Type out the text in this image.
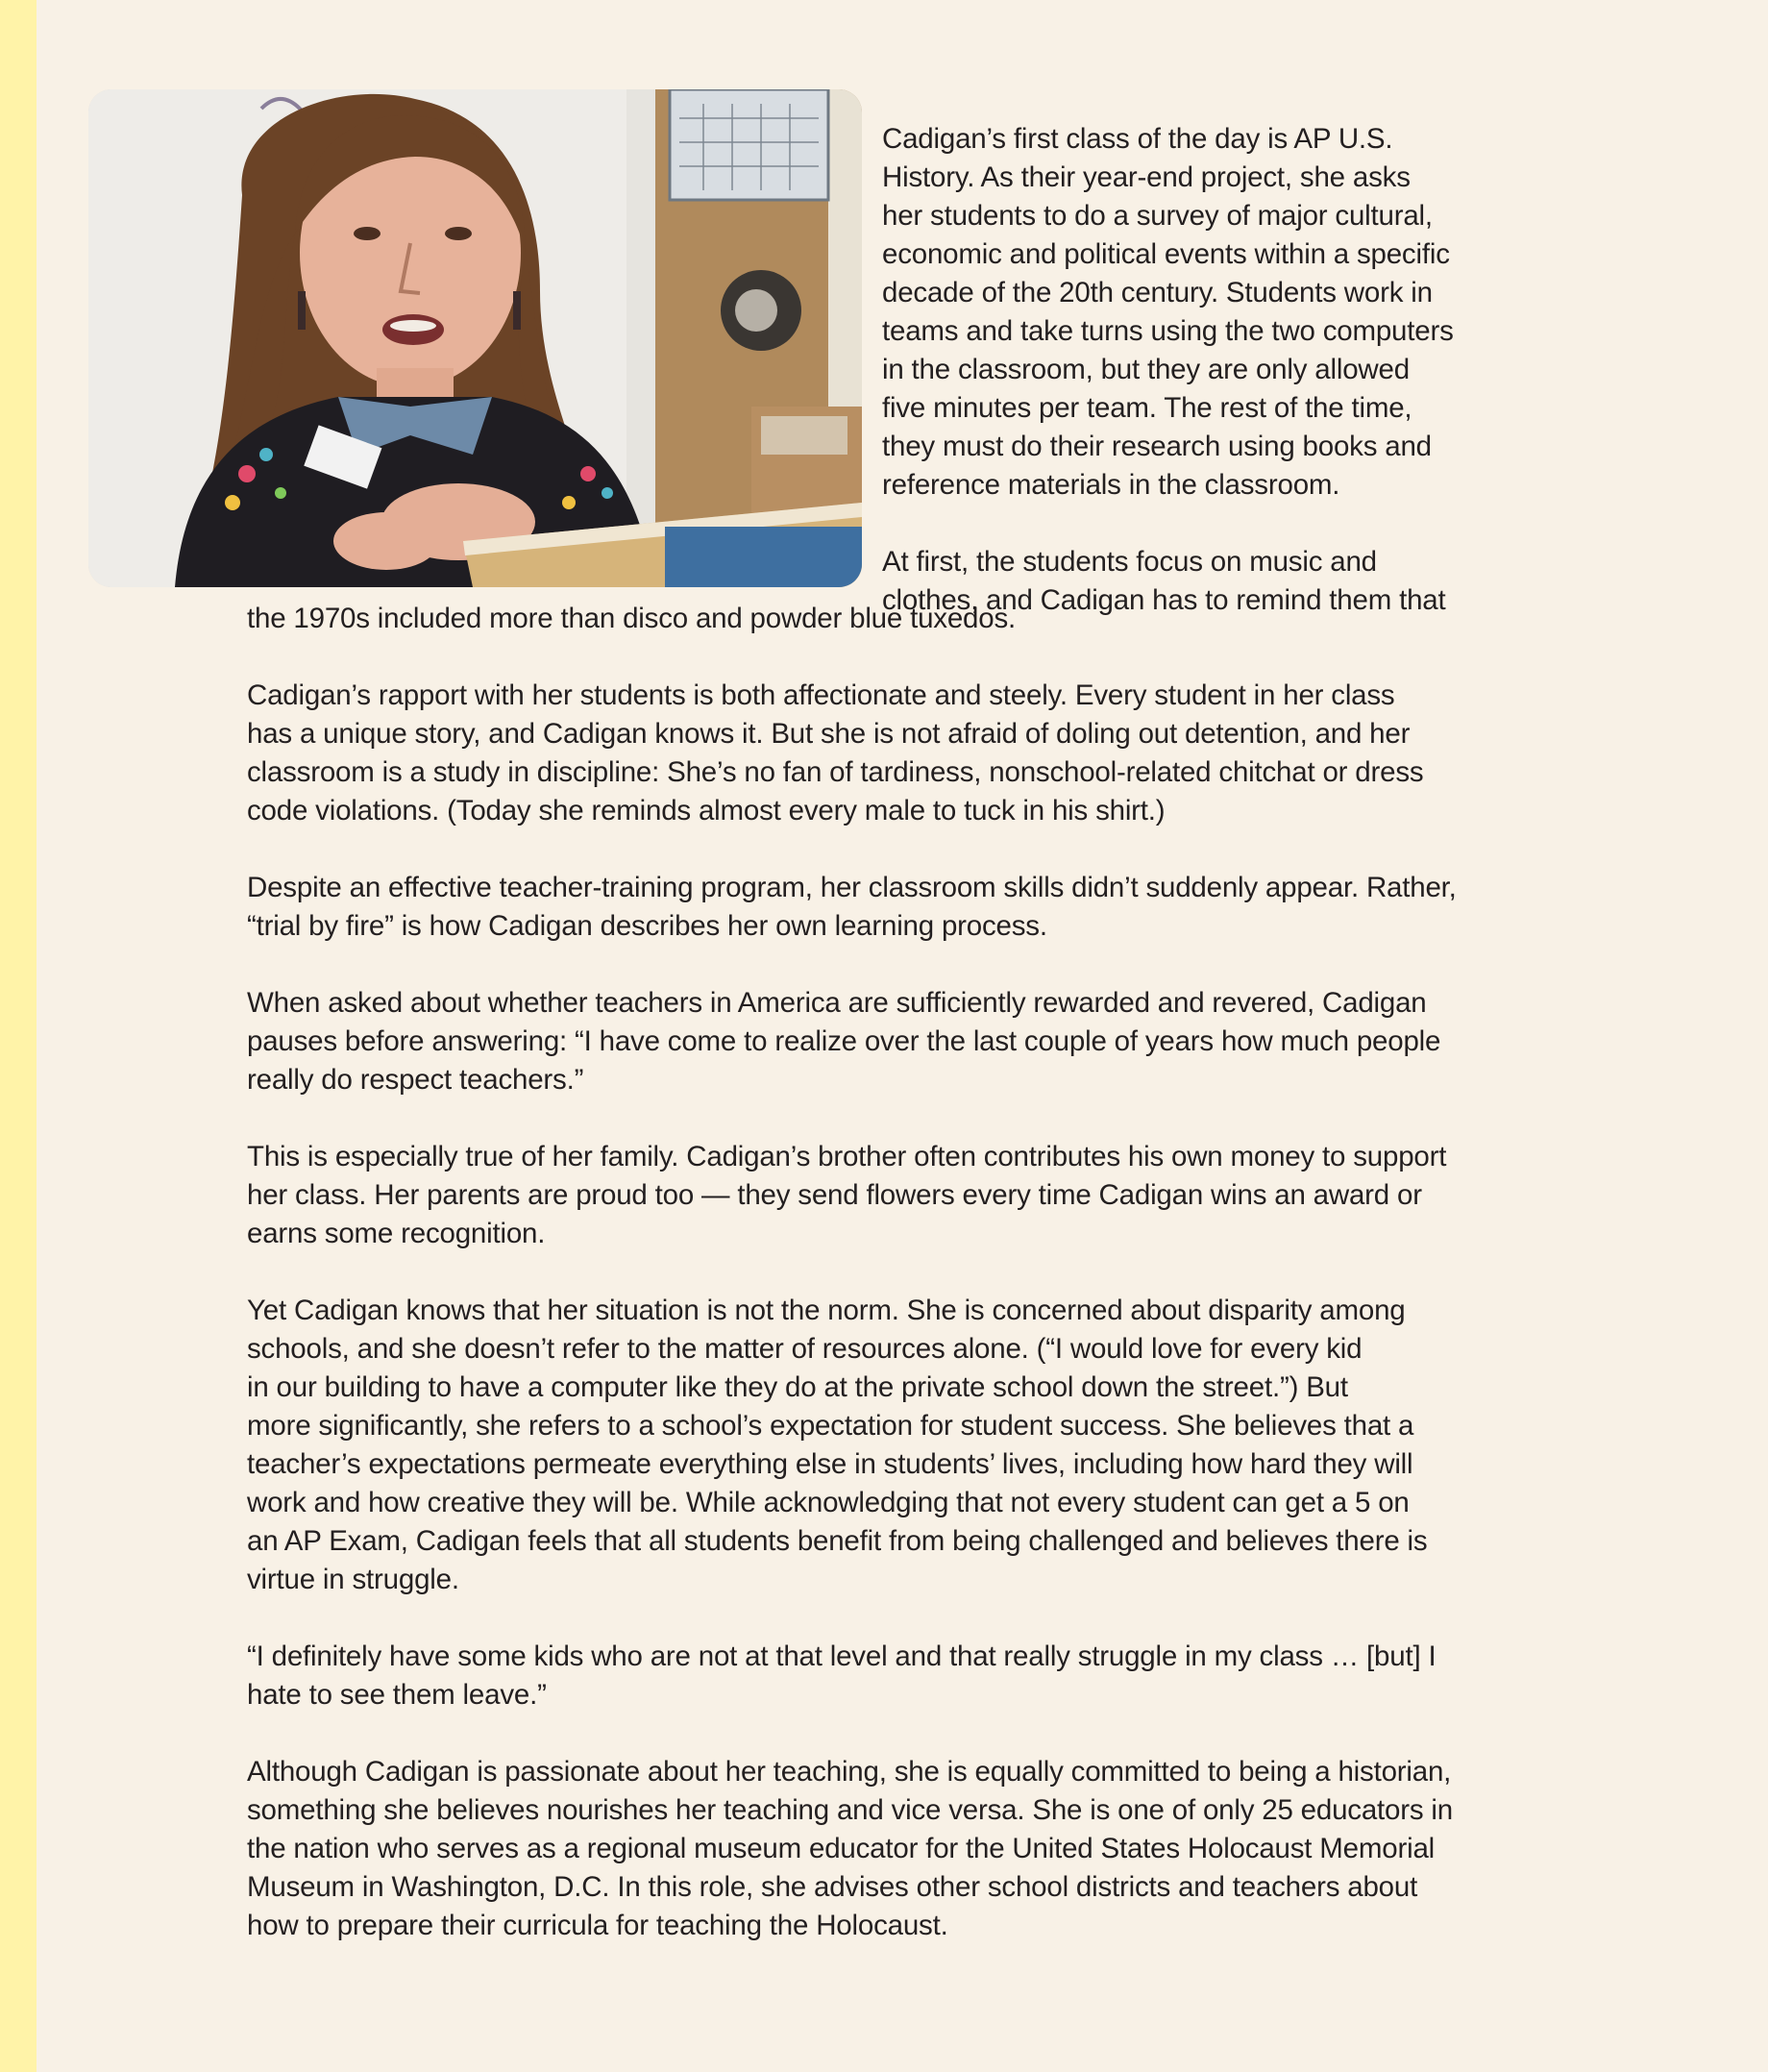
Cadigan’s first class of the day is AP U.S.
History. As their year-end project, she asks
her students to do a survey of major cultural,
economic and political events within a specific
decade of the 20th century. Students work in
teams and take turns using the two computers
in the classroom, but they are only allowed
five minutes per team. The rest of the time,
they must do their research using books and
reference materials in the classroom.
At first, the students focus on music and
clothes, and Cadigan has to remind them that
the 1970s included more than disco and powder blue tuxedos.
Cadigan’s rapport with her students is both affectionate and steely. Every student in her class
has a unique story, and Cadigan knows it. But she is not afraid of doling out detention, and her
classroom is a study in discipline: She’s no fan of tardiness, nonschool-related chitchat or dress
code violations. (Today she reminds almost every male to tuck in his shirt.)
Despite an effective teacher-training program, her classroom skills didn’t suddenly appear. Rather,
“trial by fire” is how Cadigan describes her own learning process.
When asked about whether teachers in America are sufficiently rewarded and revered, Cadigan
pauses before answering: “I have come to realize over the last couple of years how much people
really do respect teachers.”
This is especially true of her family. Cadigan’s brother often contributes his own money to support
her class. Her parents are proud too — they send flowers every time Cadigan wins an award or
earns some recognition.
Yet Cadigan knows that her situation is not the norm. She is concerned about disparity among
schools, and she doesn’t refer to the matter of resources alone. (“I would love for every kid
in our building to have a computer like they do at the private school down the street.”) But
more significantly, she refers to a school’s expectation for student success. She believes that a
teacher’s expectations permeate everything else in students’ lives, including how hard they will
work and how creative they will be. While acknowledging that not every student can get a 5 on
an AP Exam, Cadigan feels that all students benefit from being challenged and believes there is
virtue in struggle.
“I definitely have some kids who are not at that level and that really struggle in my class … [but] I
hate to see them leave.”
Although Cadigan is passionate about her teaching, she is equally committed to being a historian,
something she believes nourishes her teaching and vice versa. She is one of only 25 educators in
the nation who serves as a regional museum educator for the United States Holocaust Memorial
Museum in Washington, D.C. In this role, she advises other school districts and teachers about
how to prepare their curricula for teaching the Holocaust.
